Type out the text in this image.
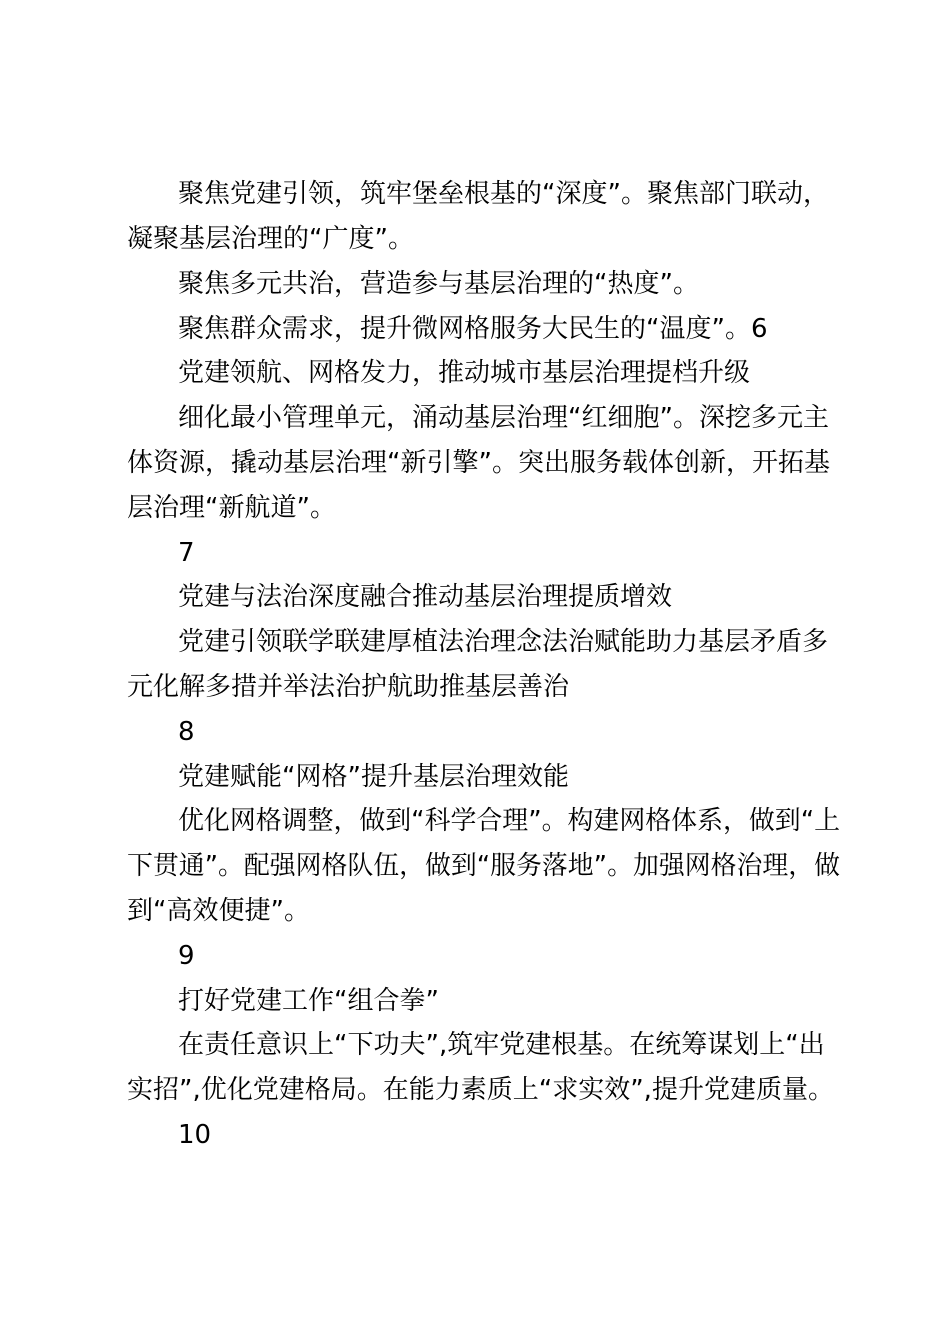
聚焦党建引领，筑牢堡垒根基的“深度”。聚焦部门联动，
凝聚基层治理的“广度”。
聚焦多元共治，营造参与基层治理的“热度”。
聚焦群众需求，提升微网格服务大民生的“温度”。6
党建领航、网格发力，推动城市基层治理提档升级
细化最小管理单元，涌动基层治理“红细胞”。深挖多元主
体资源，撬动基层治理“新引擎”。突出服务载体创新，开拓基
层治理“新航道”。
7
党建与法治深度融合推动基层治理提质增效
党建引领联学联建厚植法治理念法治赋能助力基层矛盾多
元化解多措并举法治护航助推基层善治
8
党建赋能“网格”提升基层治理效能
优化网格调整，做到“科学合理”。构建网格体系，做到“上
下贯通”。配强网格队伍，做到“服务落地”。加强网格治理，做
到“高效便捷”。
9
打好党建工作“组合拳”
在责任意识上“下功夫”,筑牢党建根基。在统筹谋划上“出
实招”,优化党建格局。在能力素质上“求实效”,提升党建质量。
10
